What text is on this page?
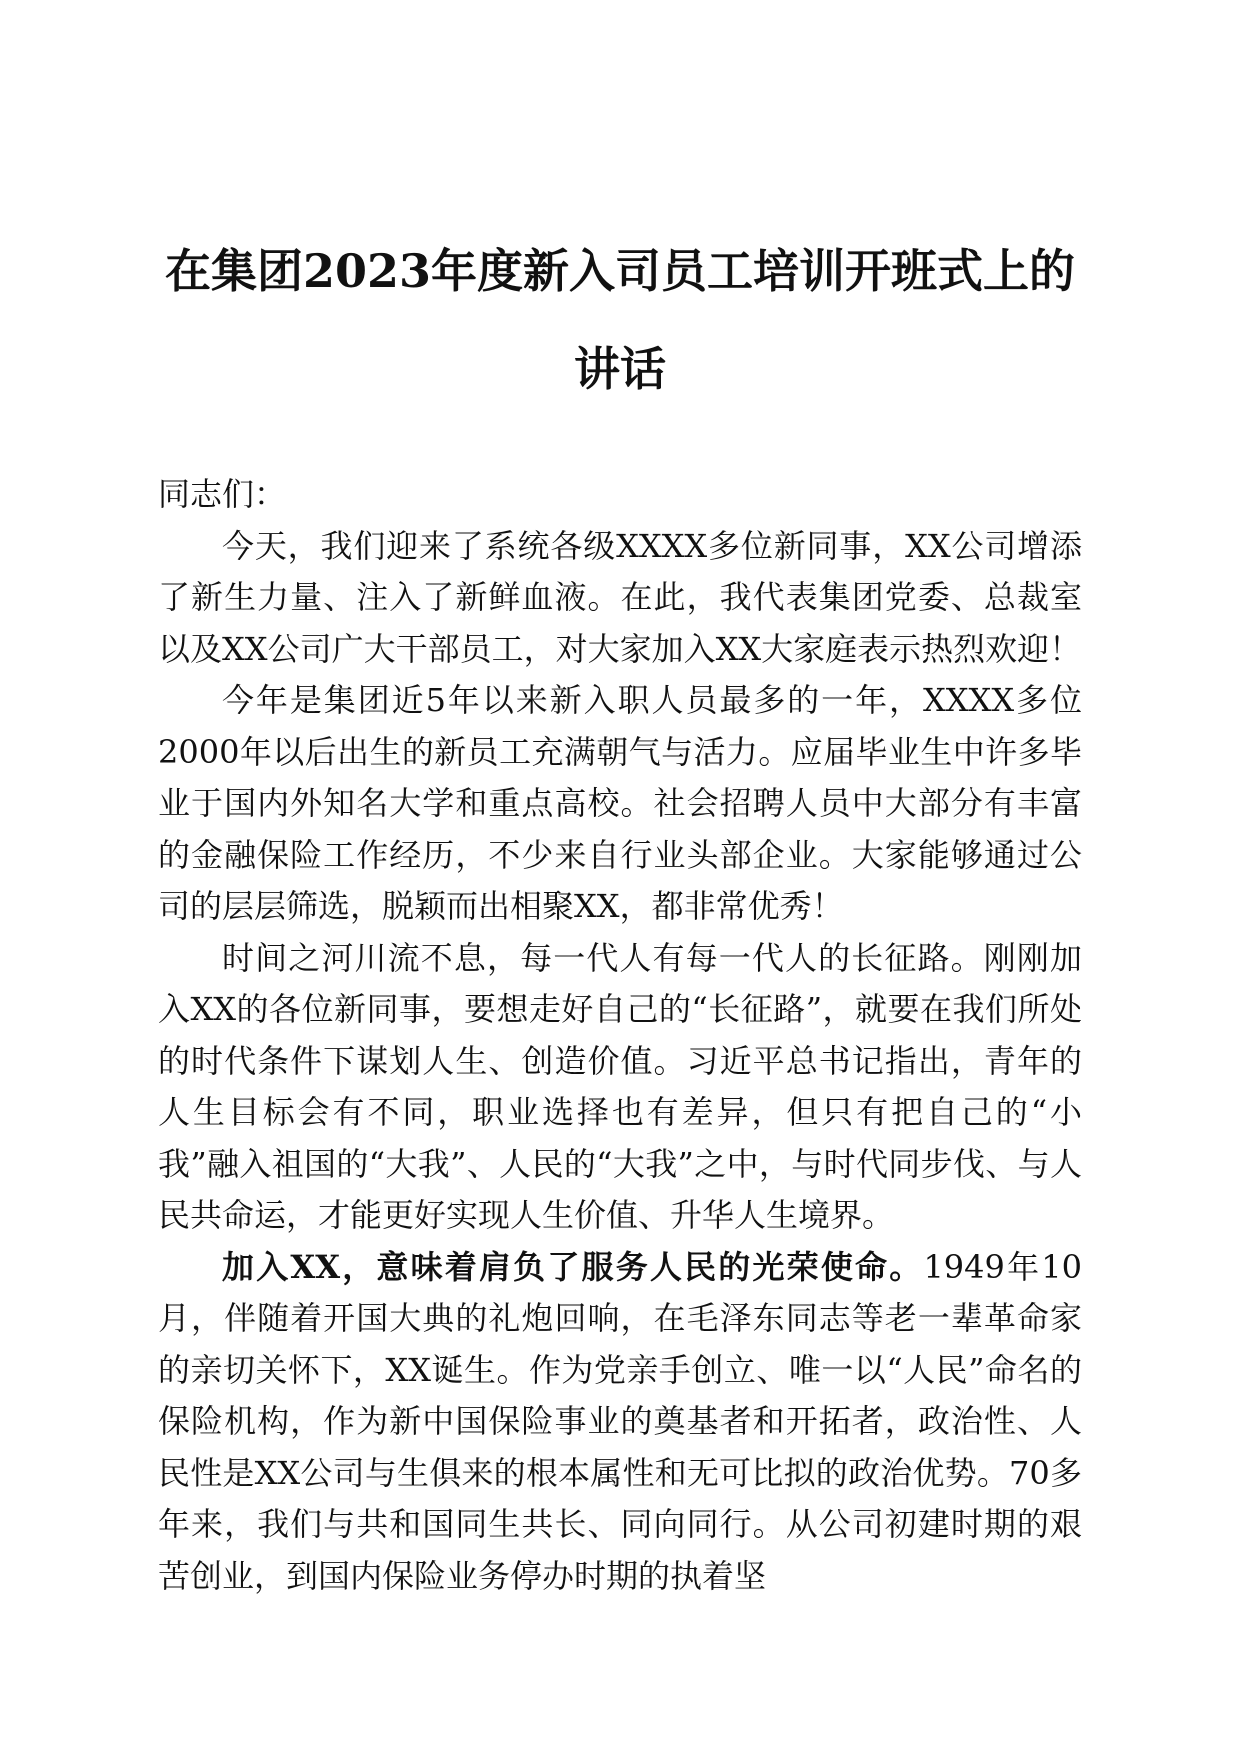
在集团2023年度新入司员工培训开班式上的
讲话

同志们：

今天，我们迎来了系统各级XXXX多位新同事，XX公司增添了新生力量、注入了新鲜血液。在此，我代表集团党委、总裁室以及XX公司广大干部员工，对大家加入XX大家庭表示热烈欢迎！

今年是集团近5年以来新入职人员最多的一年，XXXX多位2000年以后出生的新员工充满朝气与活力。应届毕业生中许多毕业于国内外知名大学和重点高校。社会招聘人员中大部分有丰富的金融保险工作经历，不少来自行业头部企业。大家能够通过公司的层层筛选，脱颖而出相聚XX，都非常优秀！

时间之河川流不息，每一代人有每一代人的长征路。刚刚加入XX的各位新同事，要想走好自己的“长征路”，就要在我们所处的时代条件下谋划人生、创造价值。习近平总书记指出，青年的人生目标会有不同，职业选择也有差异，但只有把自己的“小我”融入祖国的“大我”、人民的“大我”之中，与时代同步伐、与人民共命运，才能更好实现人生价值、升华人生境界。

加入XX，意味着肩负了服务人民的光荣使命。1949年10月，伴随着开国大典的礼炮回响，在毛泽东同志等老一辈革命家的亲切关怀下，XX诞生。作为党亲手创立、唯一以“人民”命名的保险机构，作为新中国保险事业的奠基者和开拓者，政治性、人民性是XX公司与生俱来的根本属性和无可比拟的政治优势。70多年来，我们与共和国同生共长、同向同行。从公司初建时期的艰苦创业，到国内保险业务停办时期的执着坚
